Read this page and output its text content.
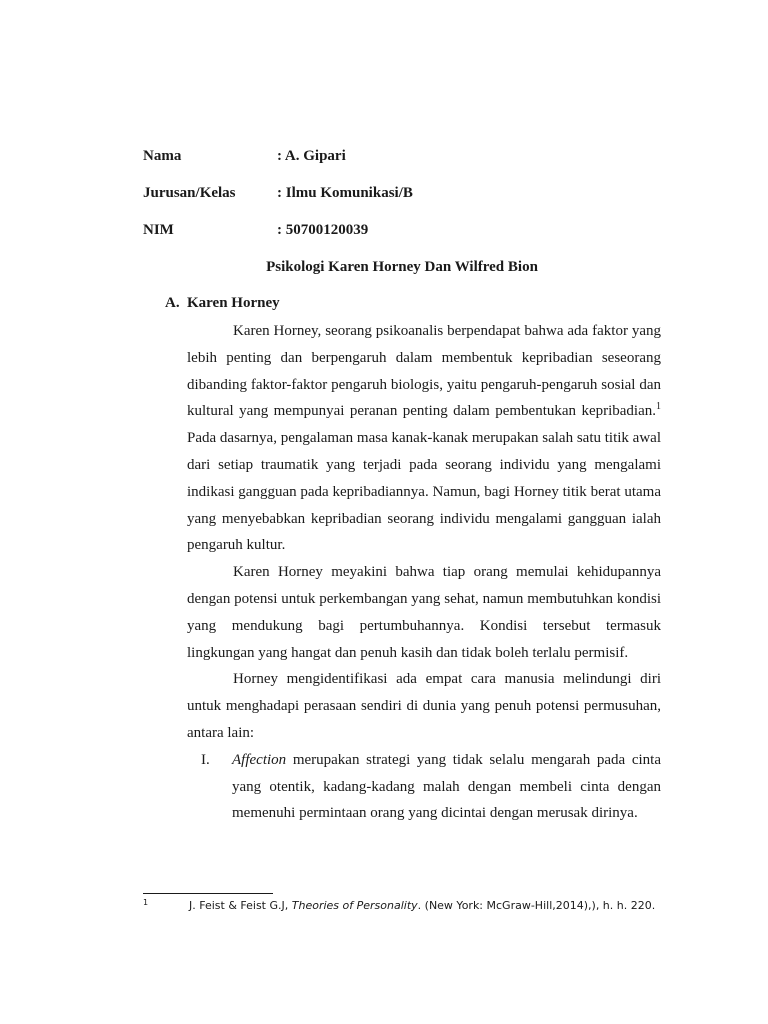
Nama	: A. Gipari
Jurusan/Kelas	: Ilmu Komunikasi/B
NIM	: 50700120039
Psikologi Karen Horney Dan Wilfred Bion
A. Karen Horney

Karen Horney, seorang psikoanalis berpendapat bahwa ada faktor yang lebih penting dan berpengaruh dalam membentuk kepribadian seseorang dibanding faktor-faktor pengaruh biologis, yaitu pengaruh-pengaruh sosial dan kultural yang mempunyai peranan penting dalam pembentukan kepribadian.$^1$ Pada dasarnya, pengalaman masa kanak-kanak merupakan salah satu titik awal dari setiap traumatik yang terjadi pada seorang individu yang mengalami indikasi gangguan pada kepribadiannya. Namun, bagi Horney titik berat utama yang menyebabkan kepribadian seorang individu mengalami gangguan ialah pengaruh kultur.

Karen Horney meyakini bahwa tiap orang memulai kehidupannya dengan potensi untuk perkembangan yang sehat, namun membutuhkan kondisi yang mendukung bagi pertumbuhannya. Kondisi tersebut termasuk lingkungan yang hangat dan penuh kasih dan tidak boleh terlalu permisif.

Horney mengidentifikasi ada empat cara manusia melindungi diri untuk menghadapi perasaan sendiri di dunia yang penuh potensi permusuhan, antara lain:

I. Affection merupakan strategi yang tidak selalu mengarah pada cinta yang otentik, kadang-kadang malah dengan membeli cinta dengan memenuhi permintaan orang yang dicintai dengan merusak dirinya.
1	J. Feist & Feist G.J, Theories of Personality. (New York: McGraw-Hill,2014),), h. h. 220.
